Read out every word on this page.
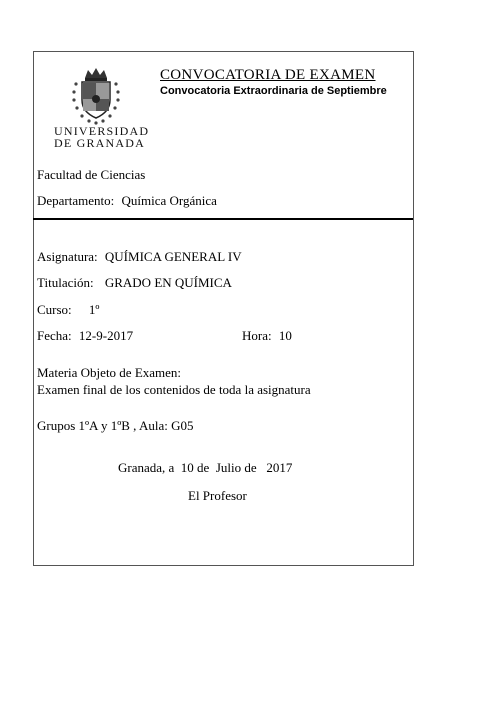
UNIVERSIDAD
DE GRANADA
CONVOCATORIA DE EXAMEN
Convocatoria Extraordinaria de Septiembre
Facultad de Ciencias
Departamento: Química Orgánica
Asignatura: QUÍMICA GENERAL IV
Titulación: GRADO EN QUÍMICA
Curso: 1º
Fecha: 12-9-2017	Hora: 10
Materia Objeto de Examen:
Examen final de los contenidos de toda la asignatura
Grupos 1ºA y 1ºB , Aula: G05
Granada, a  10 de  Julio de   2017
El Profesor
